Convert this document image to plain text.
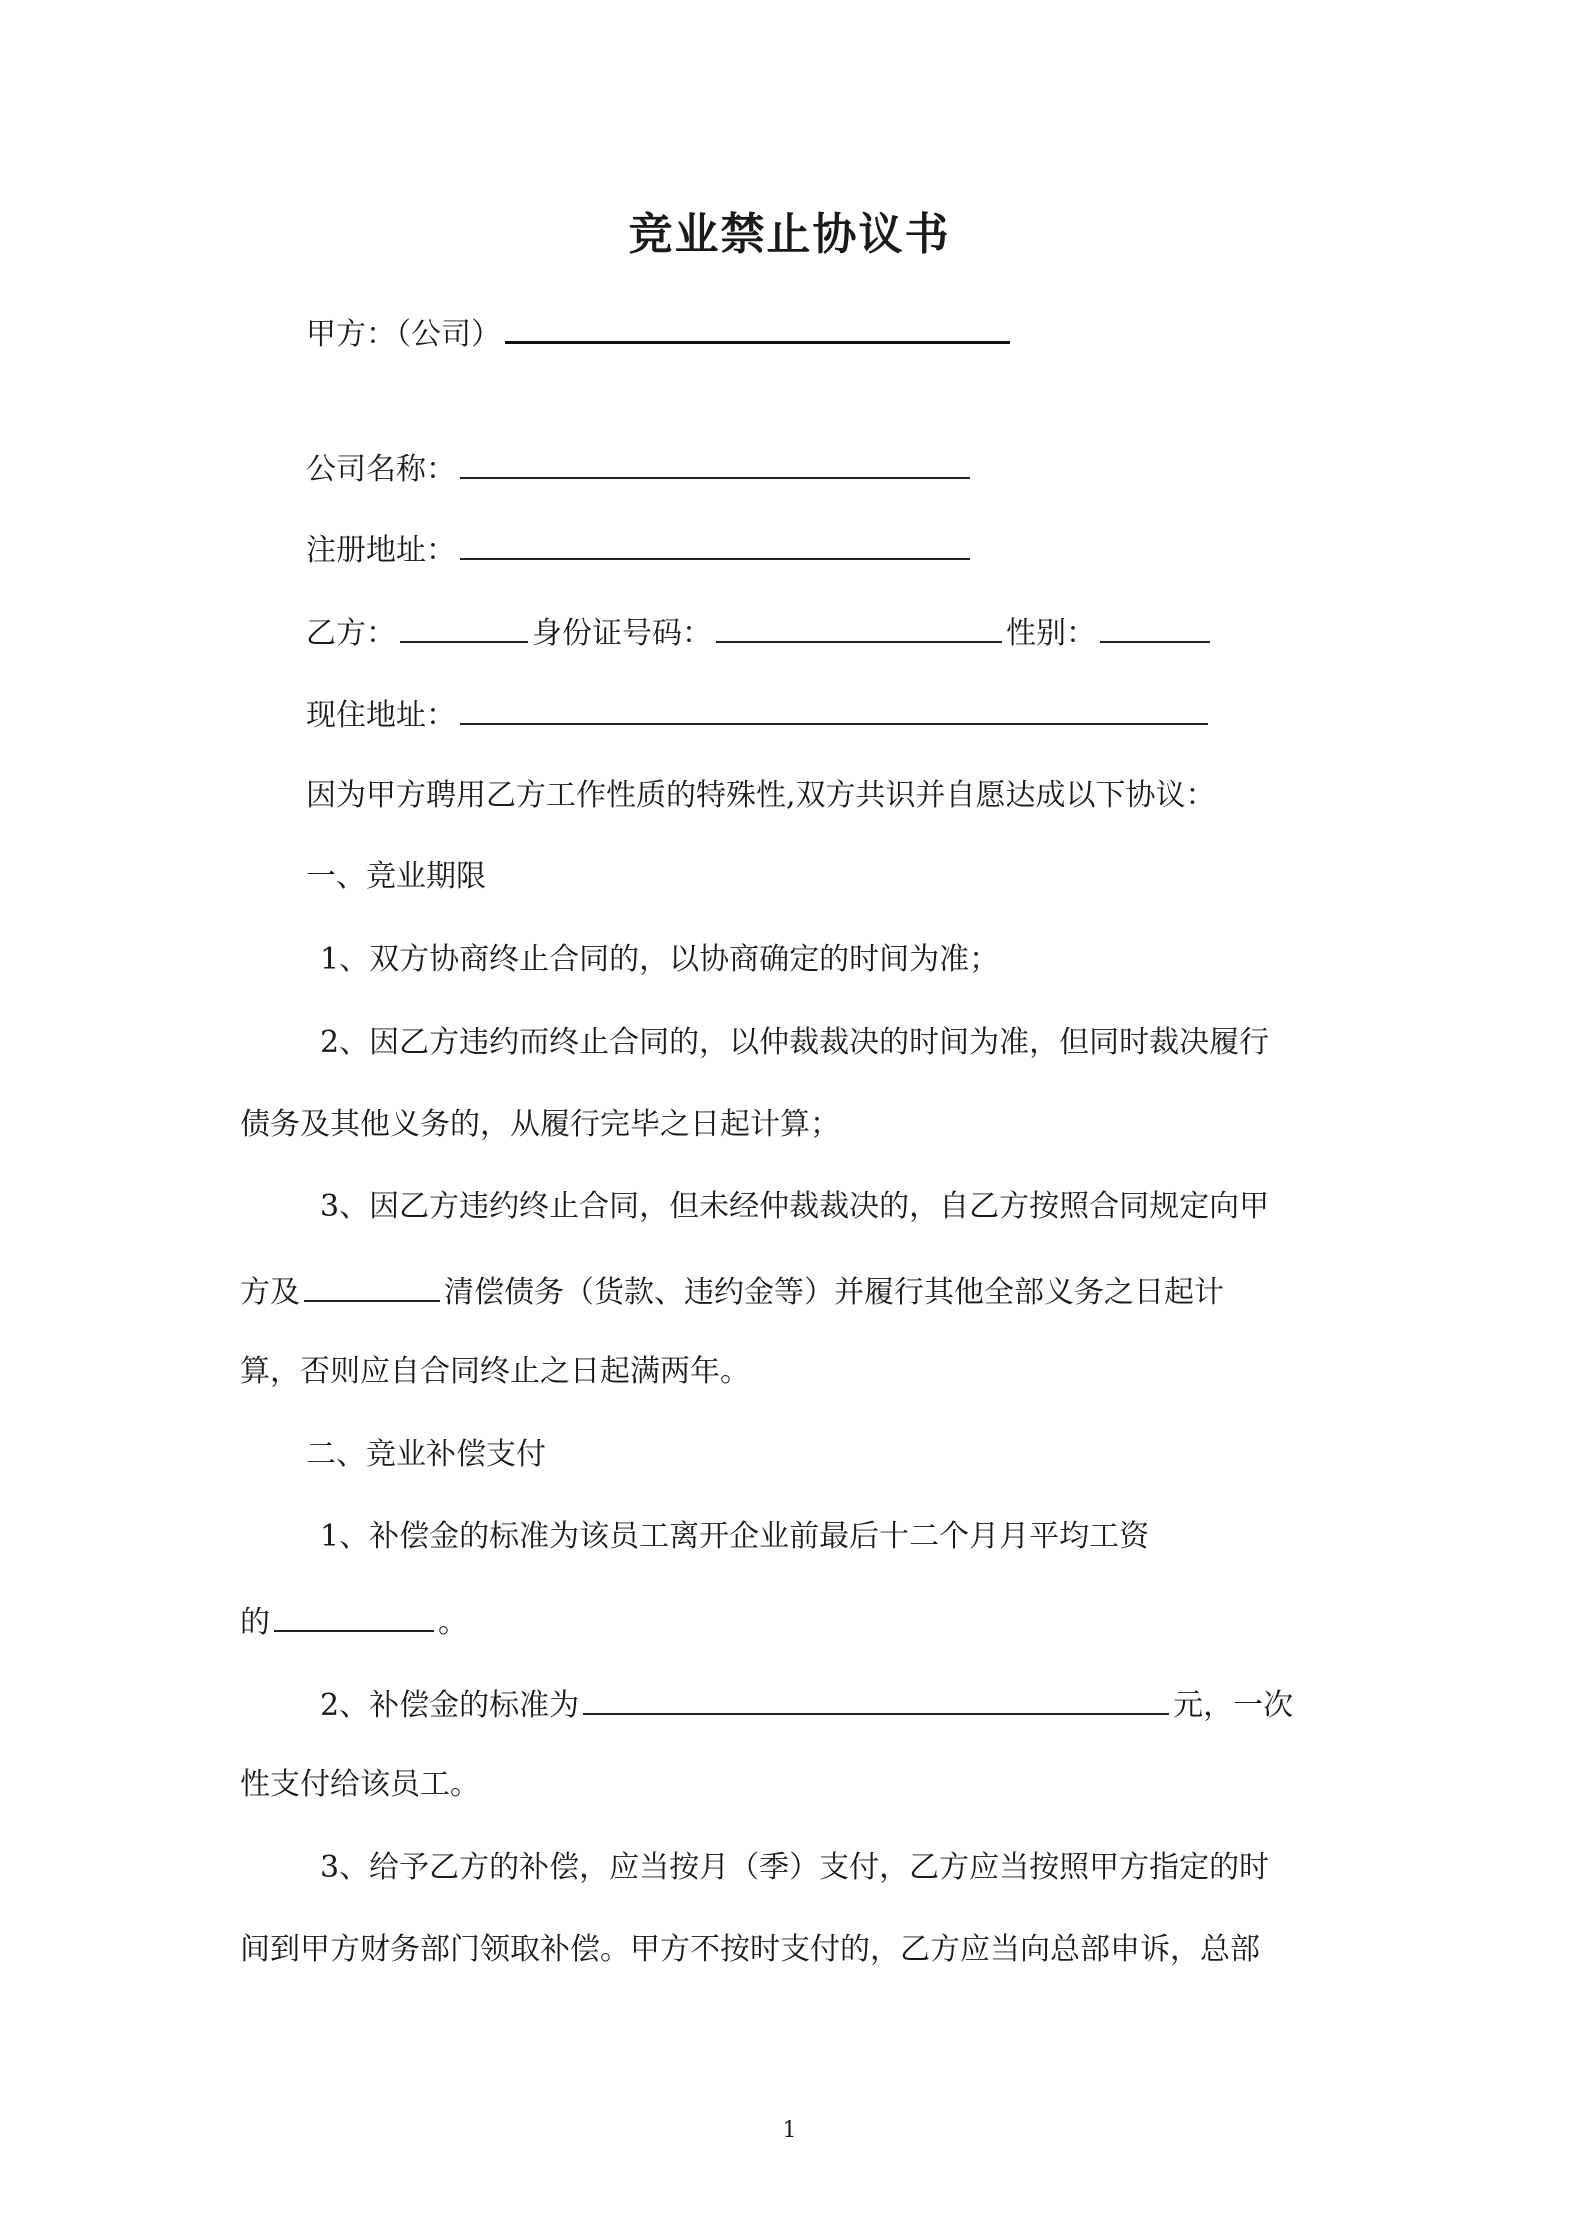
竞业禁止协议书
甲方：（公司）
公司名称：
注册地址：
乙方：	身份证号码：	性别：
现住地址：
因为甲方聘用乙方工作性质的特殊性,双方共识并自愿达成以下协议：
一、竞业期限
1、双方协商终止合同的，以协商确定的时间为准；
2、因乙方违约而终止合同的，以仲裁裁决的时间为准，但同时裁决履行
债务及其他义务的，从履行完毕之日起计算；
3、因乙方违约终止合同，但未经仲裁裁决的，自乙方按照合同规定向甲
方及	清偿债务（货款、违约金等）并履行其他全部义务之日起计
算，否则应自合同终止之日起满两年。
二、竞业补偿支付
1、补偿金的标准为该员工离开企业前最后十二个月月平均工资
的	。
2、补偿金的标准为	元，一次
性支付给该员工。
3、给予乙方的补偿，应当按月（季）支付，乙方应当按照甲方指定的时
间到甲方财务部门领取补偿。甲方不按时支付的，乙方应当向总部申诉，总部
1
